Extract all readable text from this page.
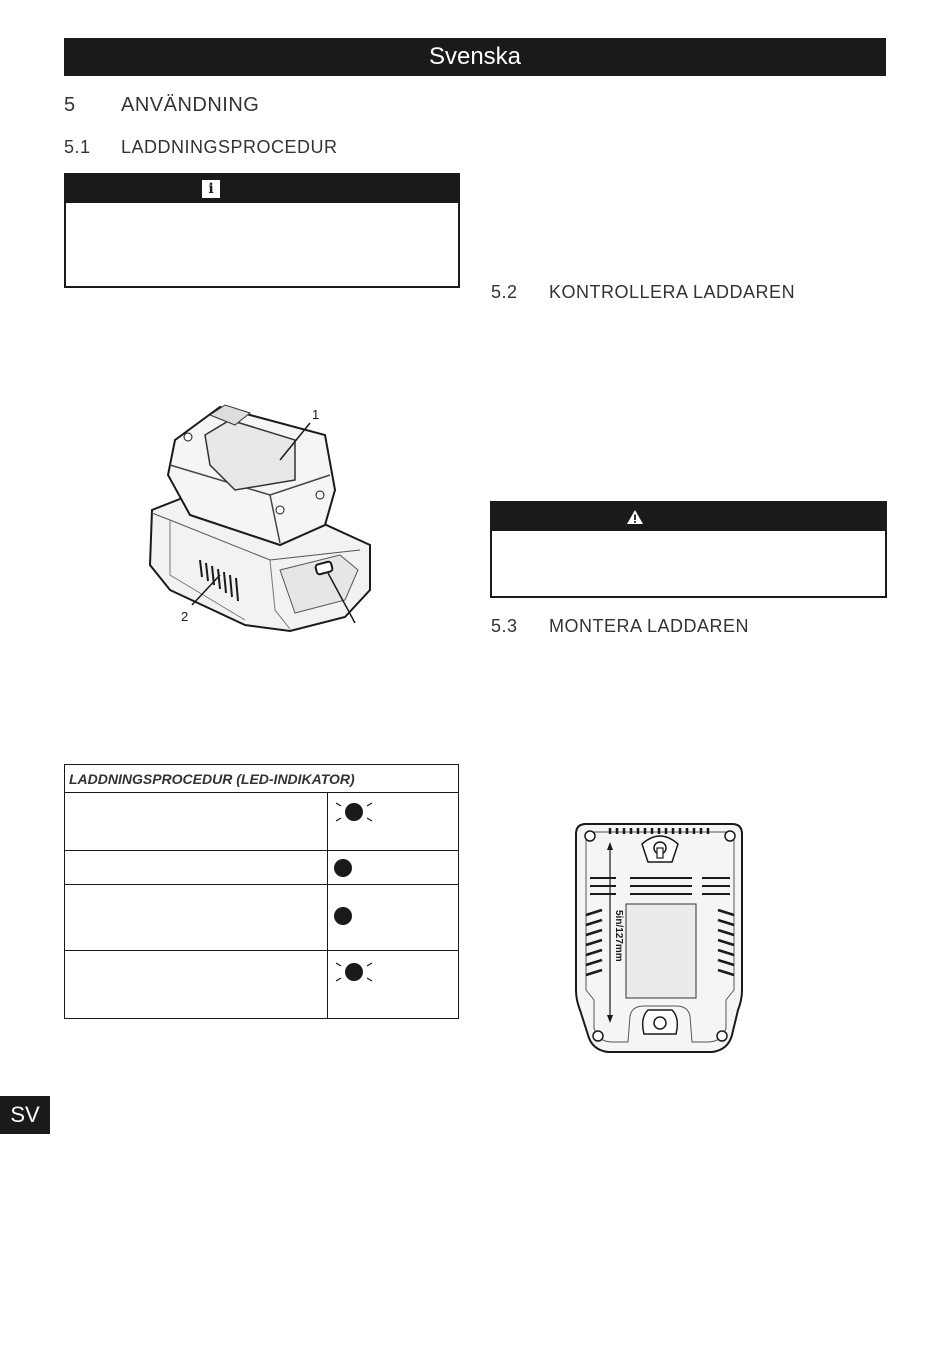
Svenska
5 ANVÄNDNING
5.1 LADDNINGSPROCEDUR
i
1
2
LADDNINGSPROCEDUR (LED-INDIKATOR)	

5.2 KONTROLLERA LADDAREN
5.3 MONTERA LADDAREN
5in/127mm
SV
